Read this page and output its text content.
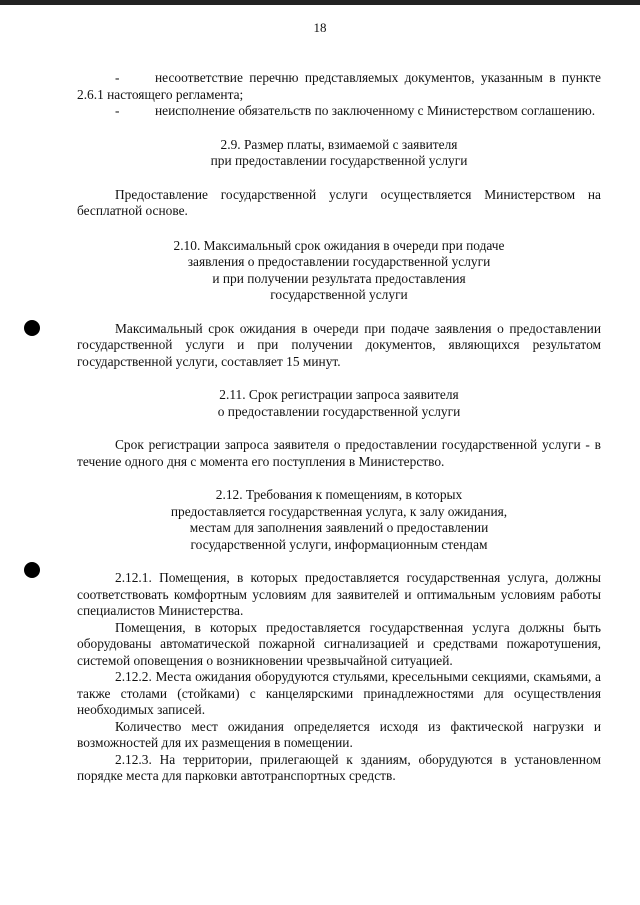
18

-	несоответствие перечню представляемых документов, указанным в пункте 2.6.1 настоящего регламента;

-	неисполнение обязательств по заключенному с Министерством соглашению.

2.9. Размер платы, взимаемой с заявителя
при предоставлении государственной услуги

Предоставление государственной услуги осуществляется Министерством на бесплатной основе.

2.10. Максимальный срок ожидания в очереди при подаче
заявления о предоставлении государственной услуги
и при получении результата предоставления
государственной услуги

Максимальный срок ожидания в очереди при подаче заявления о предоставлении государственной услуги и при получении документов, являющихся результатом государственной услуги, составляет 15 минут.

2.11. Срок регистрации запроса заявителя
о предоставлении государственной услуги

Срок регистрации запроса заявителя о предоставлении государственной услуги - в течение одного дня с момента его поступления в Министерство.

2.12. Требования к помещениям, в которых
предоставляется государственная услуга, к залу ожидания,
местам для заполнения заявлений о предоставлении
государственной услуги, информационным стендам

2.12.1. Помещения, в которых предоставляется государственная услуга, должны соответствовать комфортным условиям для заявителей и оптимальным условиям работы специалистов Министерства.

Помещения, в которых предоставляется государственная услуга должны быть оборудованы автоматической пожарной сигнализацией и средствами пожаротушения, системой оповещения о возникновении чрезвычайной ситуацией.

2.12.2. Места ожидания оборудуются стульями, кресельными секциями, скамьями, а также столами (стойками) с канцелярскими принадлежностями для осуществления необходимых записей.

Количество мест ожидания определяется исходя из фактической нагрузки и возможностей для их размещения в помещении.

2.12.3. На территории, прилегающей к зданиям, оборудуются в установленном порядке места для парковки автотранспортных средств.
